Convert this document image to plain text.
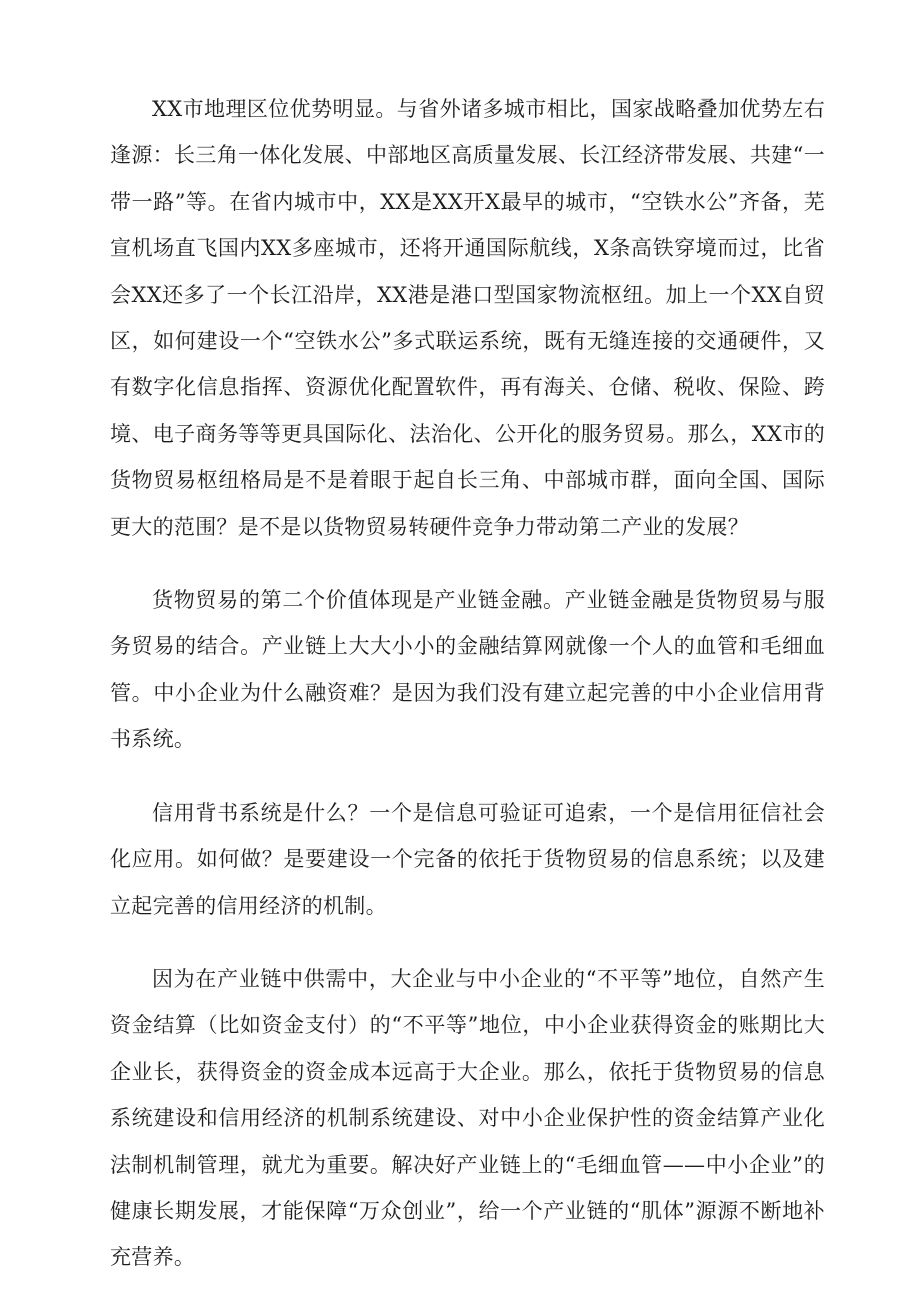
XX市地理区位优势明显。与省外诸多城市相比，国家战略叠加优势左右逢源：长三角一体化发展、中部地区高质量发展、长江经济带发展、共建“一带一路”等。在省内城市中，XX是XX开X最早的城市，“空铁水公”齐备，芜宣机场直飞国内XX多座城市，还将开通国际航线，X条高铁穿境而过，比省会XX还多了一个长江沿岸，XX港是港口型国家物流枢纽。加上一个XX自贸区，如何建设一个“空铁水公”多式联运系统，既有无缝连接的交通硬件，又有数字化信息指挥、资源优化配置软件，再有海关、仓储、税收、保险、跨境、电子商务等等更具国际化、法治化、公开化的服务贸易。那么，XX市的货物贸易枢纽格局是不是着眼于起自长三角、中部城市群，面向全国、国际更大的范围？是不是以货物贸易转硬件竞争力带动第二产业的发展？

货物贸易的第二个价值体现是产业链金融。产业链金融是货物贸易与服务贸易的结合。产业链上大大小小的金融结算网就像一个人的血管和毛细血管。中小企业为什么融资难？是因为我们没有建立起完善的中小企业信用背书系统。

信用背书系统是什么？一个是信息可验证可追索，一个是信用征信社会化应用。如何做？是要建设一个完备的依托于货物贸易的信息系统；以及建立起完善的信用经济的机制。

因为在产业链中供需中，大企业与中小企业的“不平等”地位，自然产生资金结算（比如资金支付）的“不平等”地位，中小企业获得资金的账期比大企业长，获得资金的资金成本远高于大企业。那么，依托于货物贸易的信息系统建设和信用经济的机制系统建设、对中小企业保护性的资金结算产业化法制机制管理，就尤为重要。解决好产业链上的“毛细血管——中小企业”的健康长期发展，才能保障“万众创业”，给一个产业链的“肌体”源源不断地补充营养。
